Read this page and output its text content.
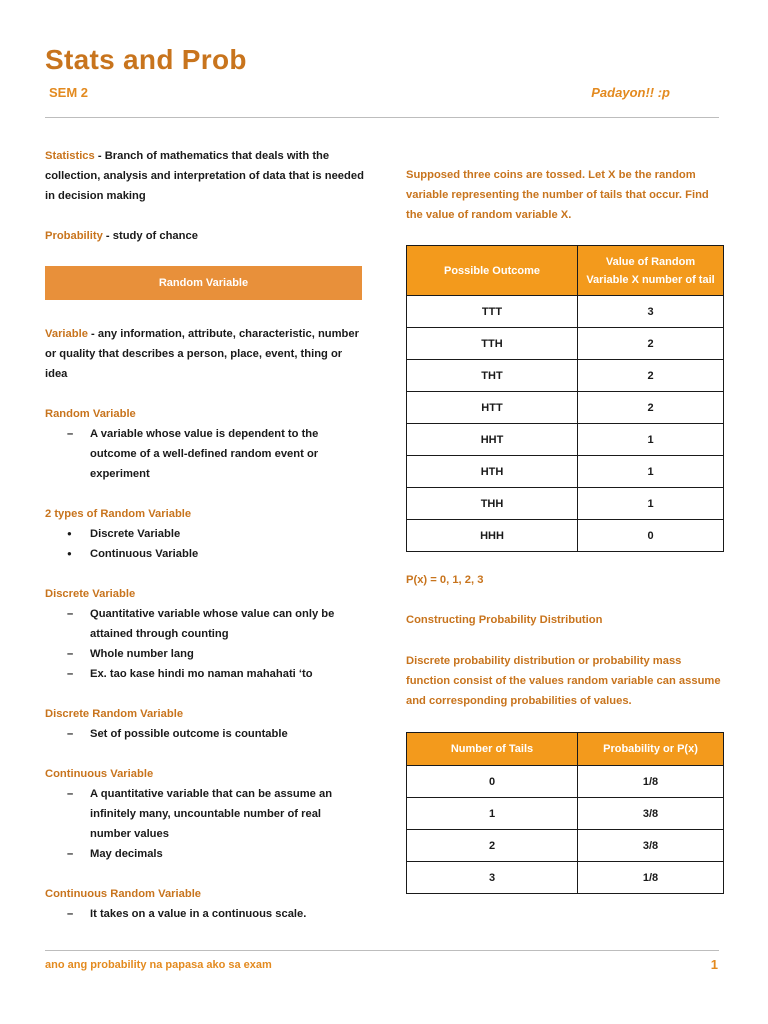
Stats and Prob
SEM 2	Padayon!! :p

Statistics - Branch of mathematics that deals with the collection, analysis and interpretation of data that is needed in decision making

Probability - study of chance

Random Variable

Variable - any information, attribute, characteristic, number or quality that describes a person, place, event, thing or idea

Random Variable

– A variable whose value is dependent to the outcome of a well-defined random event or experiment

2 types of Random Variable

● Discrete Variable
● Continuous Variable

Discrete Variable

– Quantitative variable whose value can only be attained through counting
– Whole number lang
– Ex. tao kase hindi mo naman mahahati ‘to

Discrete Random Variable

– Set of possible outcome is countable

Continuous Variable

– A quantitative variable that can be assume an infinitely many, uncountable number of real number values
– May decimals

Continuous Random Variable

– It takes on a value in a continuous scale.

Supposed three coins are tossed. Let X be the random variable representing the number of tails that occur. Find the value of random variable X.

P(x) = 0, 1, 2, 3

Constructing Probability Distribution

Discrete probability distribution or probability mass function consist of the values random variable can assume and corresponding probabilities of values.

Possible Outcome	Value of Random Variable X number of tail
TTT	3
TTH	2
THT	2
HTT	2
HHT	1
HTH	1
THH	1
HHH	0
Number of Tails	Probability or P(x)
0	1/8
1	3/8
2	3/8
3	1/8
ano ang probability na papasa ako sa exam	1
